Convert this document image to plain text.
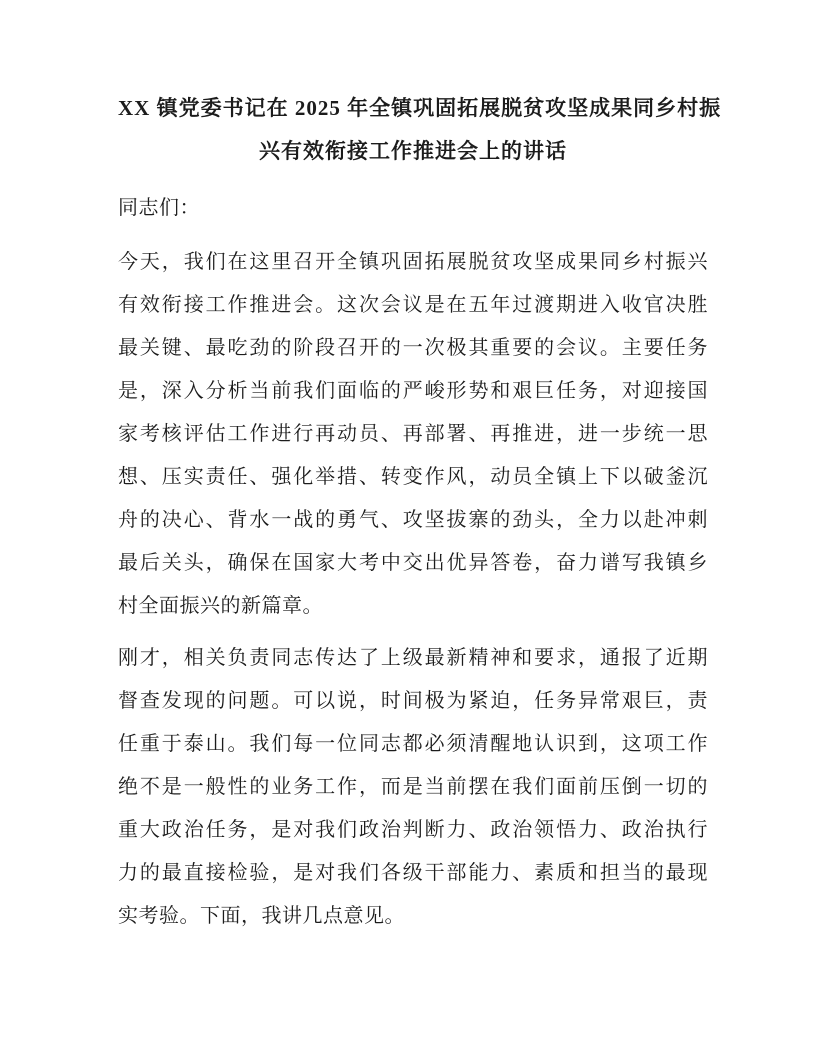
XX 镇党委书记在 2025 年全镇巩固拓展脱贫攻坚成果同乡村振
兴有效衔接工作推进会上的讲话
同志们：
今天，我们在这里召开全镇巩固拓展脱贫攻坚成果同乡村振兴
有效衔接工作推进会。这次会议是在五年过渡期进入收官决胜
最关键、最吃劲的阶段召开的一次极其重要的会议。主要任务
是，深入分析当前我们面临的严峻形势和艰巨任务，对迎接国
家考核评估工作进行再动员、再部署、再推进，进一步统一思
想、压实责任、强化举措、转变作风，动员全镇上下以破釜沉
舟的决心、背水一战的勇气、攻坚拔寨的劲头，全力以赴冲刺
最后关头，确保在国家大考中交出优异答卷，奋力谱写我镇乡
村全面振兴的新篇章。
刚才，相关负责同志传达了上级最新精神和要求，通报了近期
督查发现的问题。可以说，时间极为紧迫，任务异常艰巨，责
任重于泰山。我们每一位同志都必须清醒地认识到，这项工作
绝不是一般性的业务工作，而是当前摆在我们面前压倒一切的
重大政治任务，是对我们政治判断力、政治领悟力、政治执行
力的最直接检验，是对我们各级干部能力、素质和担当的最现
实考验。下面，我讲几点意见。
